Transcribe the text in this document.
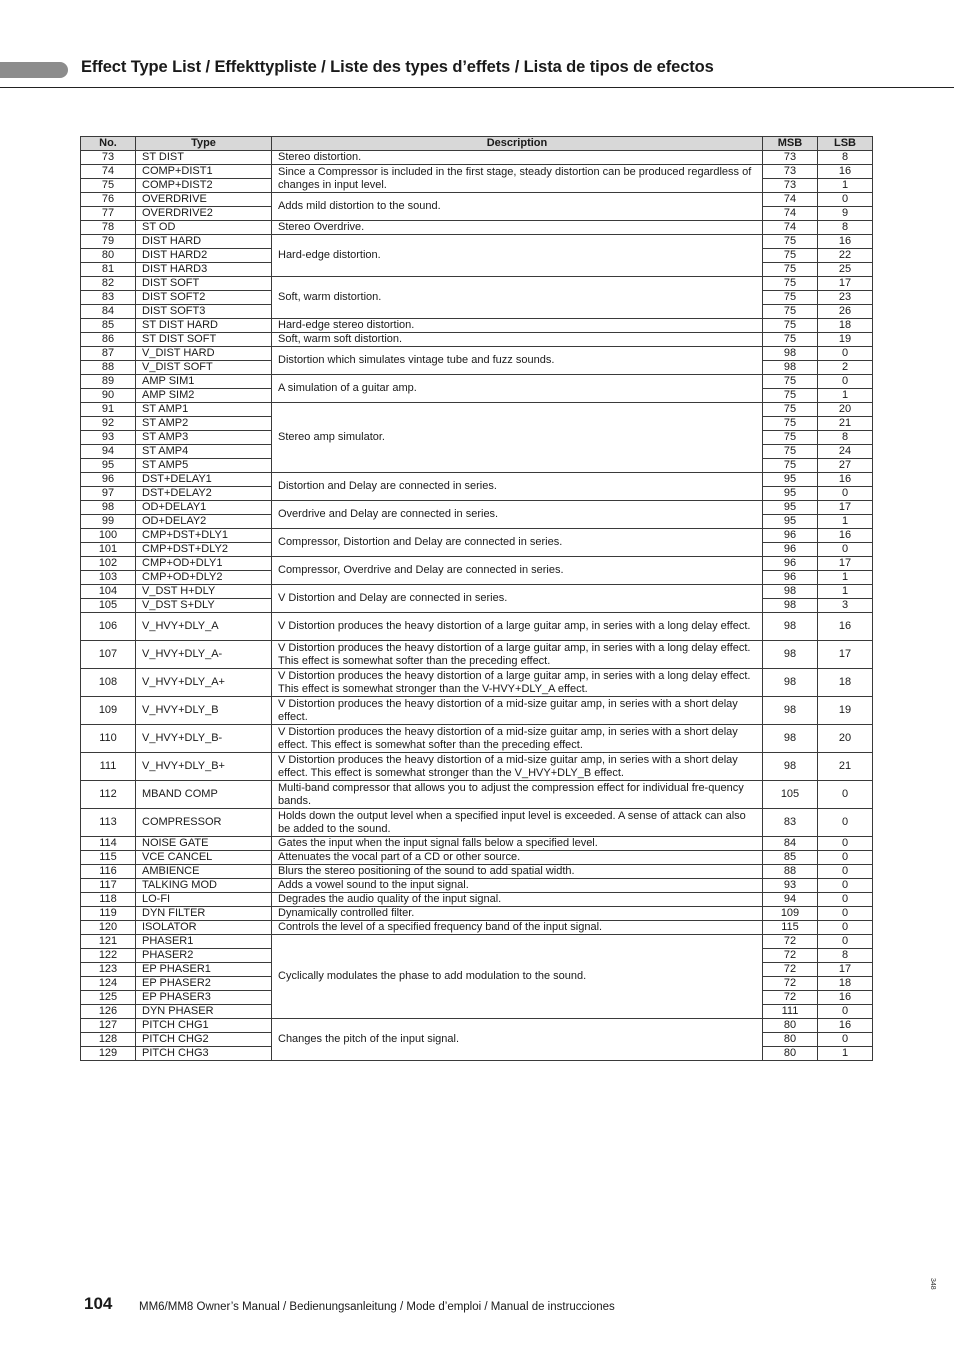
Effect Type List / Effekttypliste / Liste des types d’effets / Lista de tipos de efectos
No.	Type	Description	MSB	LSB
73	ST DIST	Stereo distortion.	73	8
74	COMP+DIST1	Since a Compressor is included in the first stage, steady distortion can be produced regardless of changes in input level.	73	16
75	COMP+DIST2		73	1
76	OVERDRIVE	Adds mild distortion to the sound.	74	0
77	OVERDRIVE2		74	9
78	ST OD	Stereo Overdrive.	74	8
79	DIST HARD	Hard-edge distortion.	75	16
80	DIST HARD2		75	22
81	DIST HARD3		75	25
82	DIST SOFT	Soft, warm distortion.	75	17
83	DIST SOFT2		75	23
84	DIST SOFT3		75	26
85	ST DIST HARD	Hard-edge stereo distortion.	75	18
86	ST DIST SOFT	Soft, warm soft distortion.	75	19
87	V_DIST HARD	Distortion which simulates vintage tube and fuzz sounds.	98	0
88	V_DIST SOFT		98	2
89	AMP SIM1	A simulation of a guitar amp.	75	0
90	AMP SIM2		75	1
91	ST AMP1	Stereo amp simulator.	75	20
92	ST AMP2		75	21
93	ST AMP3		75	8
94	ST AMP4		75	24
95	ST AMP5		75	27
96	DST+DELAY1	Distortion and Delay are connected in series.	95	16
97	DST+DELAY2		95	0
98	OD+DELAY1	Overdrive and Delay are connected in series.	95	17
99	OD+DELAY2		95	1
100	CMP+DST+DLY1	Compressor, Distortion and Delay are connected in series.	96	16
101	CMP+DST+DLY2		96	0
102	CMP+OD+DLY1	Compressor, Overdrive and Delay are connected in series.	96	17
103	CMP+OD+DLY2		96	1
104	V_DST H+DLY	V Distortion and Delay are connected in series.	98	1
105	V_DST S+DLY		98	3
106	V_HVY+DLY_A	V Distortion produces the heavy distortion of a large guitar amp, in series with a long delay effect.	98	16
107	V_HVY+DLY_A-	V Distortion produces the heavy distortion of a large guitar amp, in series with a long delay effect. This effect is somewhat softer than the preceding effect.	98	17
108	V_HVY+DLY_A+	V Distortion produces the heavy distortion of a large guitar amp, in series with a long delay effect. This effect is somewhat stronger than the V-HVY+DLY_A effect.	98	18
109	V_HVY+DLY_B	V Distortion produces the heavy distortion of a mid-size guitar amp, in series with a short delay effect.	98	19
110	V_HVY+DLY_B-	V Distortion produces the heavy distortion of a mid-size guitar amp, in series with a short delay effect. This effect is somewhat softer than the preceding effect.	98	20
111	V_HVY+DLY_B+	V Distortion produces the heavy distortion of a mid-size guitar amp, in series with a short delay effect. This effect is somewhat stronger than the V_HVY+DLY_B effect.	98	21
112	MBAND COMP	Multi-band compressor that allows you to adjust the compression effect for individual fre-quency bands.	105	0
113	COMPRESSOR	Holds down the output level when a specified input level is exceeded. A sense of attack can also be added to the sound.	83	0
114	NOISE GATE	Gates the input when the input signal falls below a specified level.	84	0
115	VCE CANCEL	Attenuates the vocal part of a CD or other source.	85	0
116	AMBIENCE	Blurs the stereo positioning of the sound to add spatial width.	88	0
117	TALKING MOD	Adds a vowel sound to the input signal.	93	0
118	LO-FI	Degrades the audio quality of the input signal.	94	0
119	DYN FILTER	Dynamically controlled filter.	109	0
120	ISOLATOR	Controls the level of a specified frequency band of the input signal.	115	0
121	PHASER1	Cyclically modulates the phase to add modulation to the sound.	72	0
122	PHASER2		72	8
123	EP PHASER1		72	17
124	EP PHASER2		72	18
125	EP PHASER3		72	16
126	DYN PHASER		111	0
127	PITCH CHG1	Changes the pitch of the input signal.	80	16
128	PITCH CHG2		80	0
129	PITCH CHG3		80	1
104 MM6/MM8 Owner’s Manual / Bedienungsanleitung / Mode d’emploi / Manual de instrucciones
348
